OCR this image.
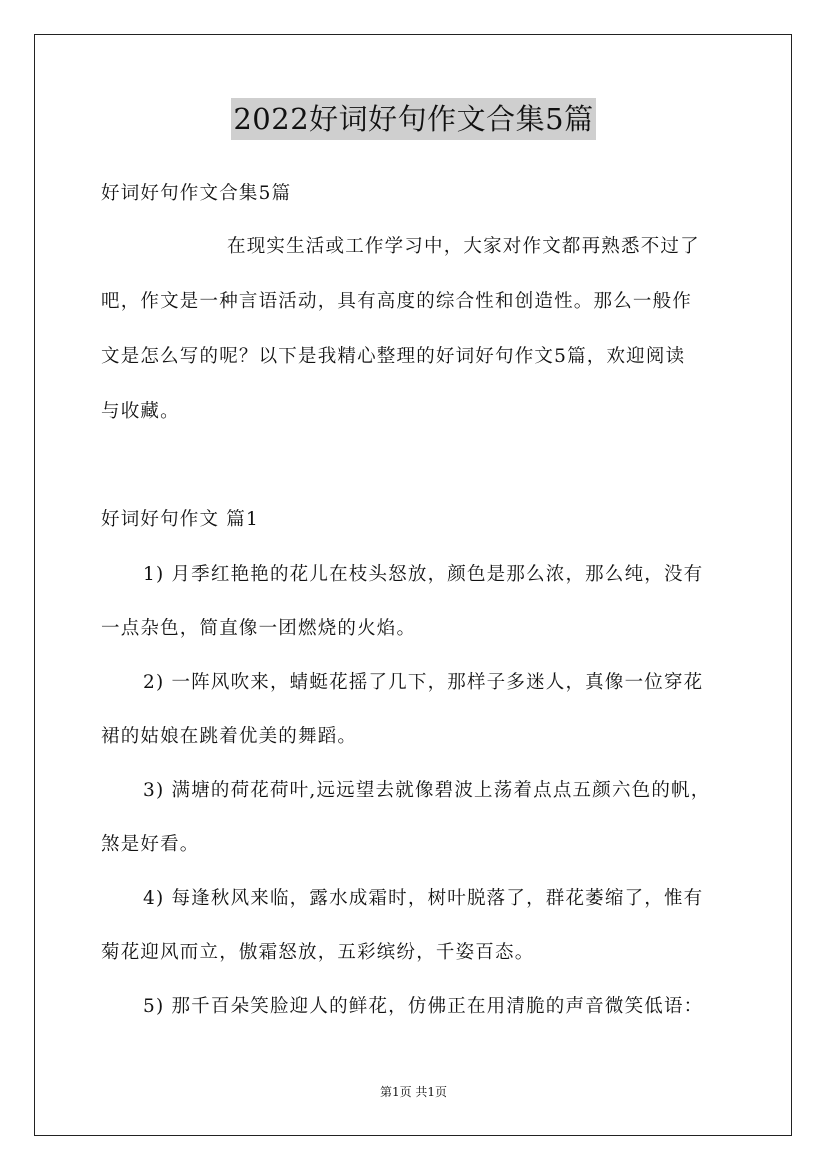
2022好词好句作文合集5篇
好词好句作文合集5篇
在现实生活或工作学习中，大家对作文都再熟悉不过了
吧，作文是一种言语活动，具有高度的综合性和创造性。那么一般作
文是怎么写的呢？以下是我精心整理的好词好句作文5篇，欢迎阅读
与收藏。
好词好句作文 篇1
1) 月季红艳艳的花儿在枝头怒放，颜色是那么浓，那么纯，没有
一点杂色，简直像一团燃烧的火焰。
2) 一阵风吹来，蜻蜓花摇了几下，那样子多迷人，真像一位穿花
裙的姑娘在跳着优美的舞蹈。
3) 满塘的荷花荷叶,远远望去就像碧波上荡着点点五颜六色的帆，
煞是好看。
4) 每逢秋风来临，露水成霜时，树叶脱落了，群花萎缩了，惟有
菊花迎风而立，傲霜怒放，五彩缤纷，千姿百态。
5) 那千百朵笑脸迎人的鲜花，仿佛正在用清脆的声音微笑低语：
第1页 共1页
